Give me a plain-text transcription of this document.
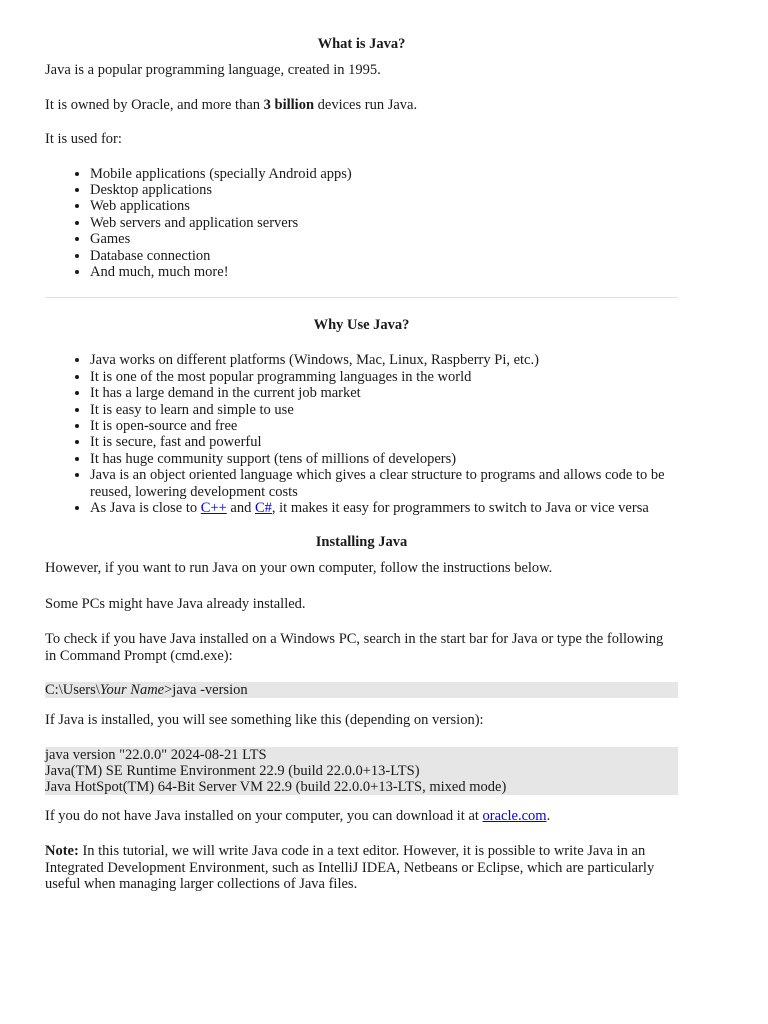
What is Java?

Java is a popular programming language, created in 1995.

It is owned by Oracle, and more than 3 billion devices run Java.

It is used for:

• Mobile applications (specially Android apps)
• Desktop applications
• Web applications
• Web servers and application servers
• Games
• Database connection
• And much, much more!
Why Use Java?
• Java works on different platforms (Windows, Mac, Linux, Raspberry Pi, etc.)
• It is one of the most popular programming languages in the world
• It has a large demand in the current job market
• It is easy to learn and simple to use
• It is open-source and free
• It is secure, fast and powerful
• It has huge community support (tens of millions of developers)
• Java is an object oriented language which gives a clear structure to programs and allows code to be reused, lowering development costs
• As Java is close to C++ and C#, it makes it easy for programmers to switch to Java or vice versa
Installing Java

However, if you want to run Java on your own computer, follow the instructions below.

Some PCs might have Java already installed.

To check if you have Java installed on a Windows PC, search in the start bar for Java or type the following in Command Prompt (cmd.exe):

C:\Users\Your Name>java -version

If Java is installed, you will see something like this (depending on version):

java version "22.0.0" 2024-08-21 LTS
Java(TM) SE Runtime Environment 22.9 (build 22.0.0+13-LTS)
Java HotSpot(TM) 64-Bit Server VM 22.9 (build 22.0.0+13-LTS, mixed mode)

If you do not have Java installed on your computer, you can download it at oracle.com.

Note: In this tutorial, we will write Java code in a text editor. However, it is possible to write Java in an Integrated Development Environment, such as IntelliJ IDEA, Netbeans or Eclipse, which are particularly useful when managing larger collections of Java files.
